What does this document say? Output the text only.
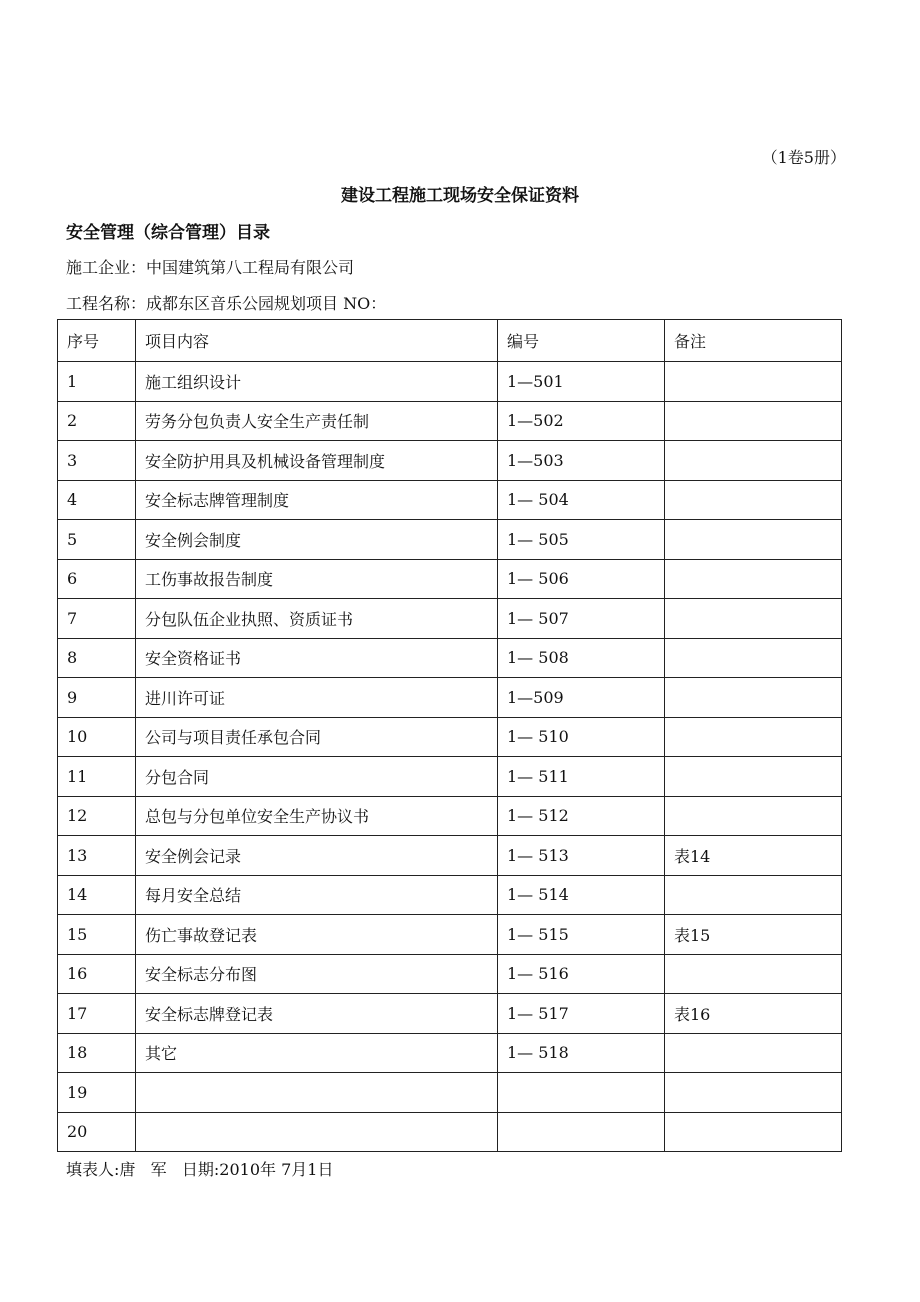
（1卷5册）
建设工程施工现场安全保证资料
安全管理（综合管理）目录
施工企业：中国建筑第八工程局有限公司
工程名称：成都东区音乐公园规划项目 NO：
序号	项目内容	编号	备注
1	施工组织设计	1—501	
2	劳务分包负责人安全生产责任制	1—502	
3	安全防护用具及机械设备管理制度	1—503	
4	安全标志牌管理制度	1— 504	
5	安全例会制度	1— 505	
6	工伤事故报告制度	1— 506	
7	分包队伍企业执照、资质证书	1— 507	
8	安全资格证书	1— 508	
9	进川许可证	1—509	
10	公司与项目责任承包合同	1— 510	
11	分包合同	1— 511	
12	总包与分包单位安全生产协议书	1— 512	
13	安全例会记录	1— 513	表14
14	每月安全总结	1— 514	
15	伤亡事故登记表	1— 515	表15
16	安全标志分布图	1— 516	
17	安全标志牌登记表	1— 517	表16
18	其它	1— 518	
19			
20			
填表人:唐   军   日期:2010年 7月1日
